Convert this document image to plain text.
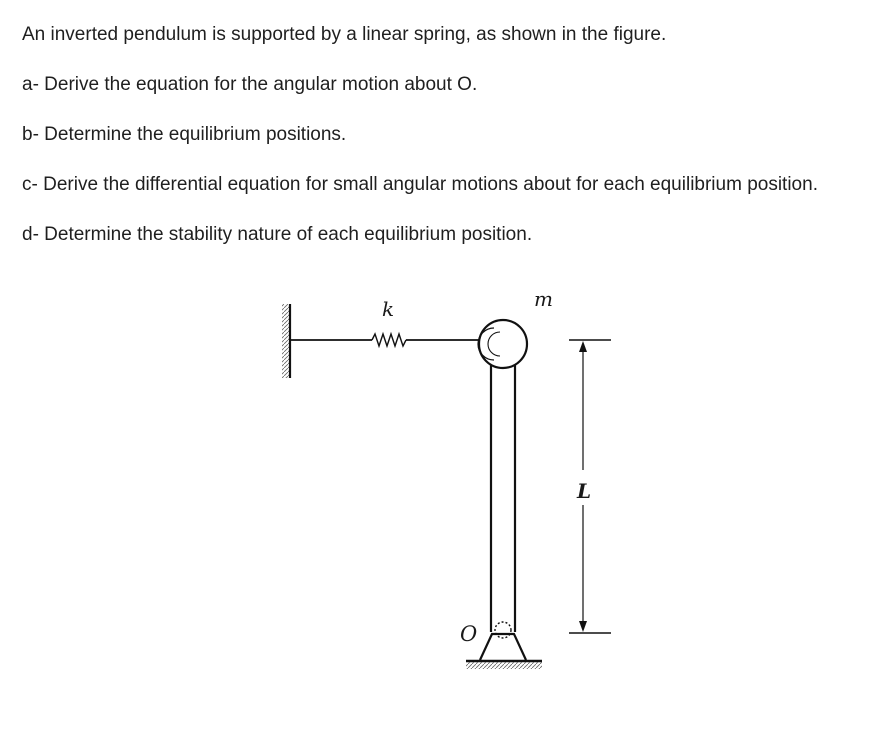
An inverted pendulum is supported by a linear spring, as shown in the figure.
a- Derive the equation for the angular motion about O.
b- Determine the equilibrium positions.
c- Derive the differential equation for small angular motions about for each equilibrium position.
d- Determine the stability nature of each equilibrium position.
k	m
L
O
